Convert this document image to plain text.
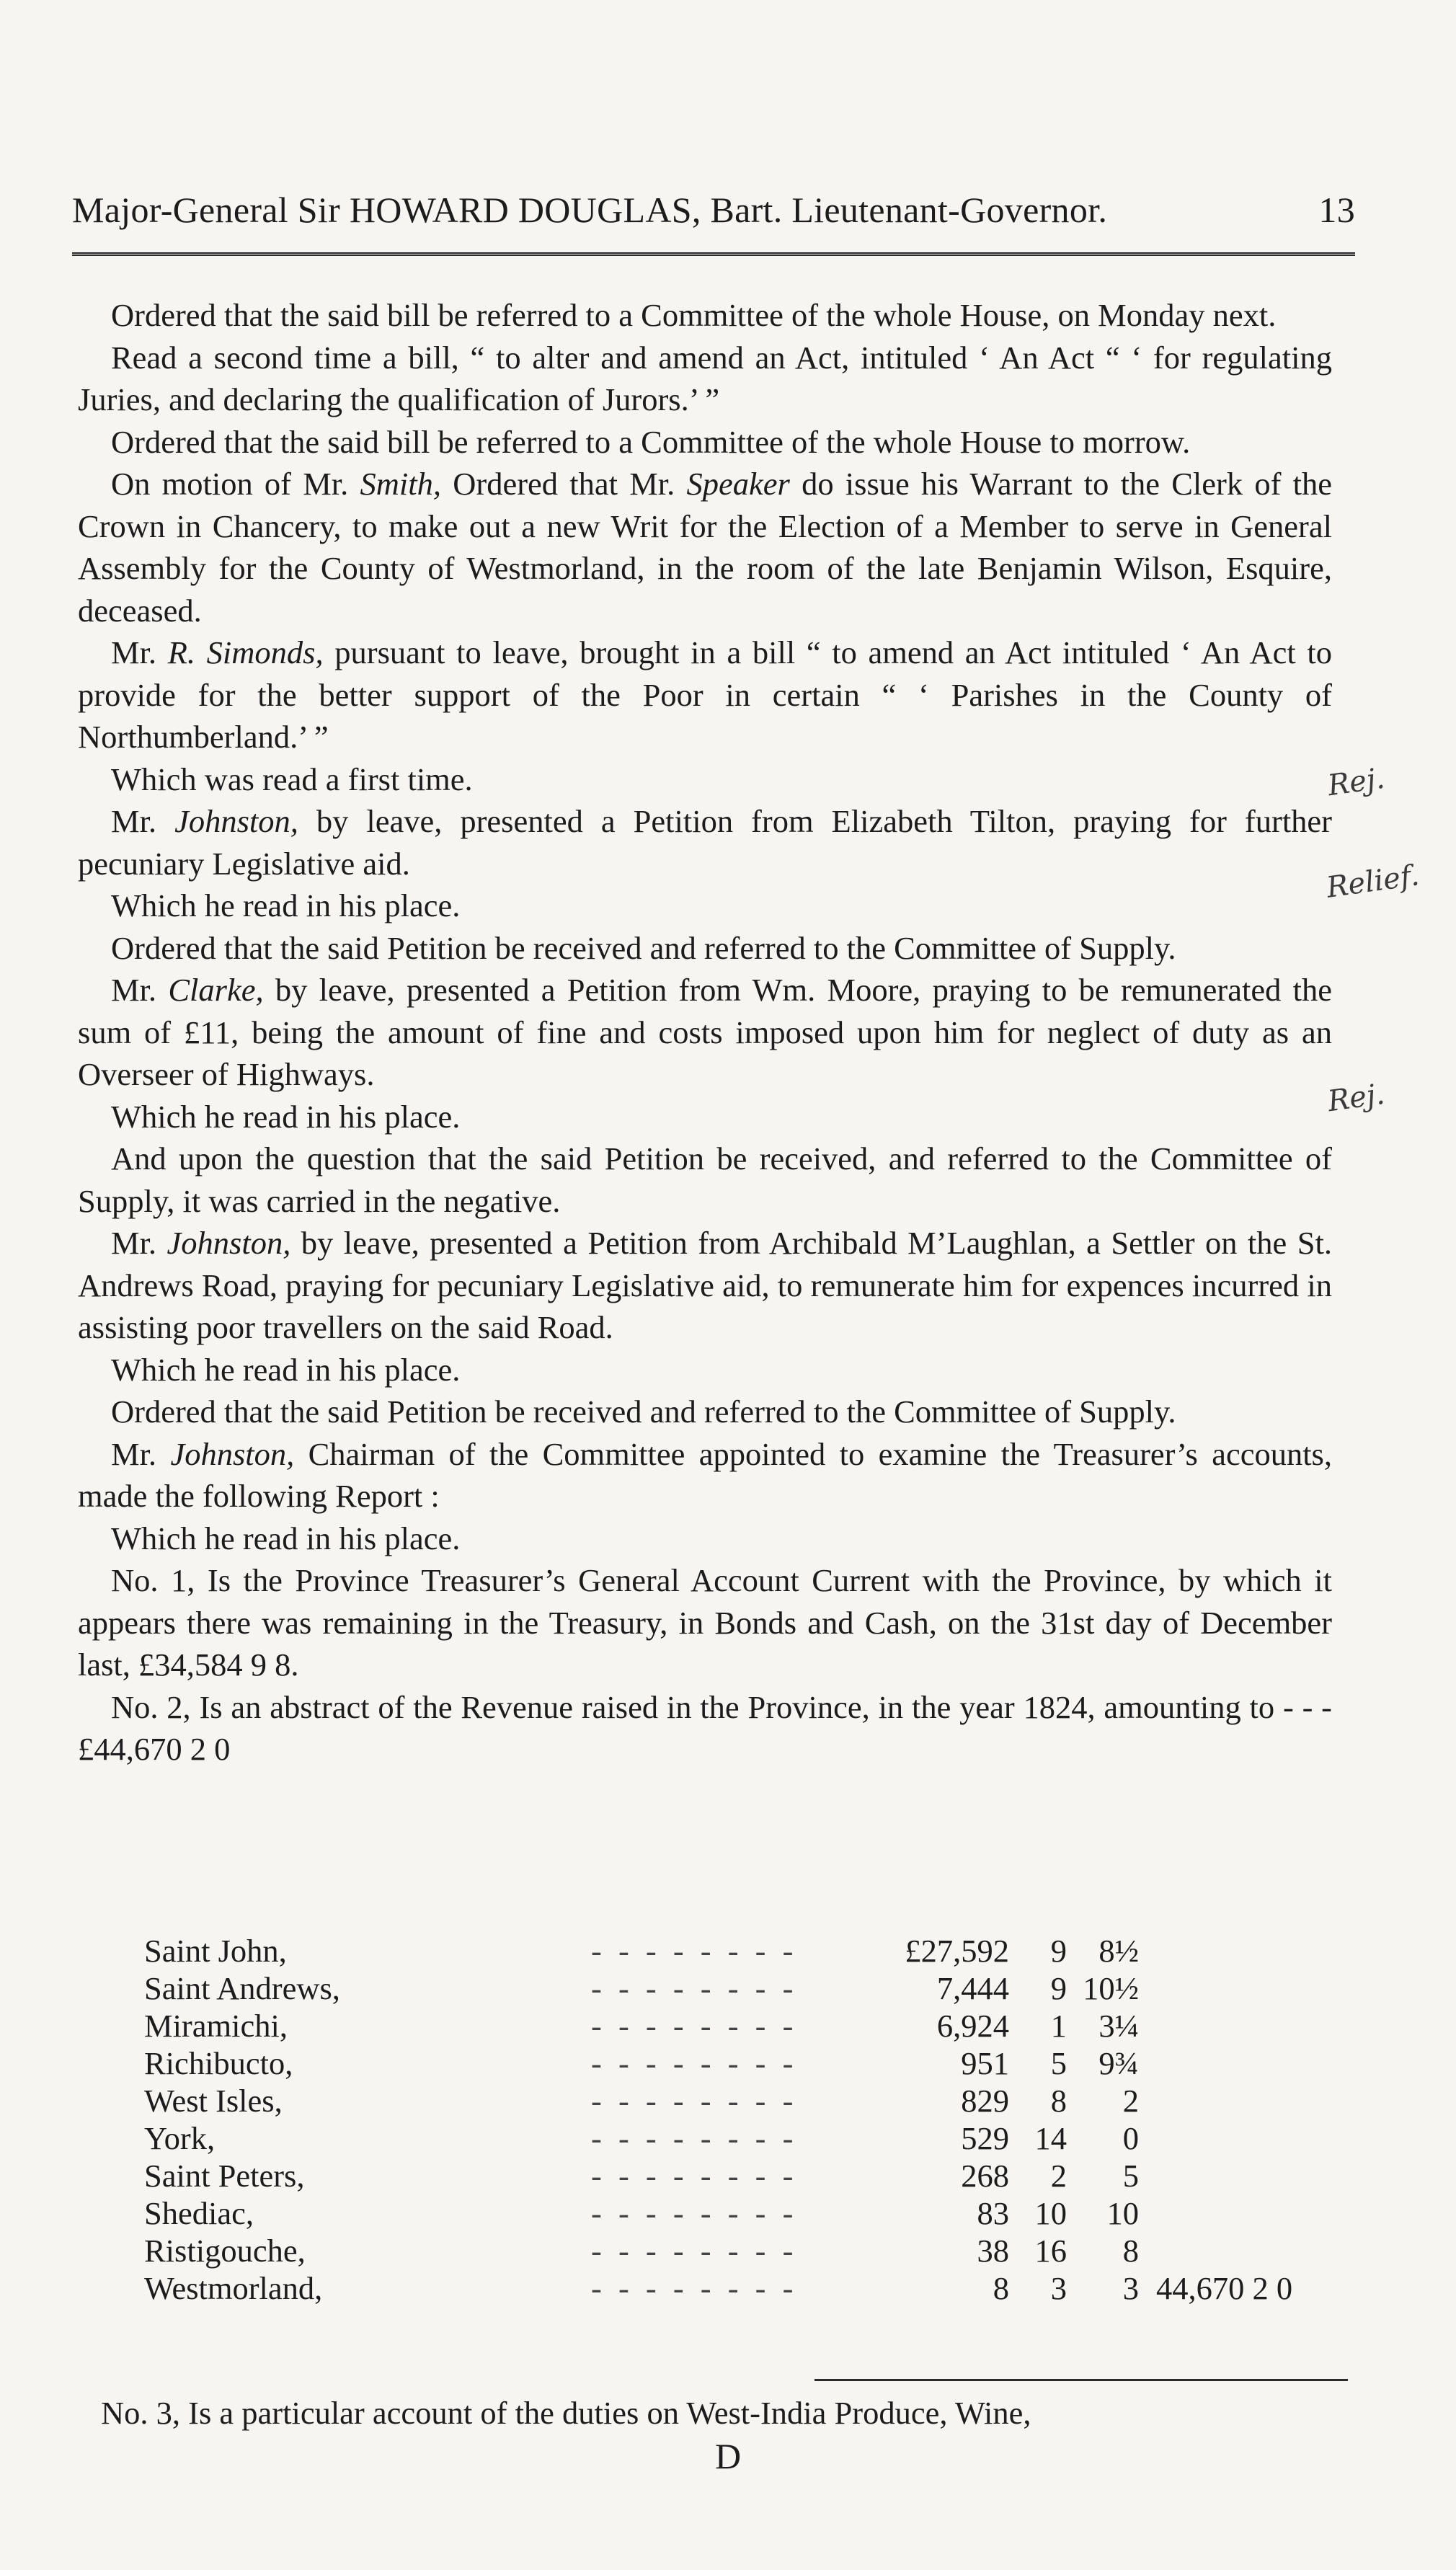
Major-General Sir HOWARD DOUGLAS, Bart. Lieutenant-Governor.	13

Ordered that the said bill be referred to a Committee of the whole House, on Monday next.

Read a second time a bill, “ to alter and amend an Act, intituled ‘ An Act “ ‘ for regulating Juries, and declaring the qualification of Jurors.’ ”

Ordered that the said bill be referred to a Committee of the whole House to morrow.

On motion of Mr. Smith, Ordered that Mr. Speaker do issue his Warrant to the Clerk of the Crown in Chancery, to make out a new Writ for the Election of a Member to serve in General Assembly for the County of Westmorland, in the room of the late Benjamin Wilson, Esquire, deceased.

Mr. R. Simonds, pursuant to leave, brought in a bill “ to amend an Act intituled ‘ An Act to provide for the better support of the Poor in certain “ ‘ Parishes in the County of Northumberland.’ ”

Which was read a first time.

Mr. Johnston, by leave, presented a Petition from Elizabeth Tilton, praying for further pecuniary Legislative aid.

Which he read in his place.

Ordered that the said Petition be received and referred to the Committee of Supply.

Mr. Clarke, by leave, presented a Petition from Wm. Moore, praying to be remunerated the sum of £11, being the amount of fine and costs imposed upon him for neglect of duty as an Overseer of Highways.

Which he read in his place.

And upon the question that the said Petition be received, and referred to the Committee of Supply, it was carried in the negative.

Mr. Johnston, by leave, presented a Petition from Archibald M’Laughlan, a Settler on the St. Andrews Road, praying for pecuniary Legislative aid, to remunerate him for expences incurred in assisting poor travellers on the said Road.

Which he read in his place.

Ordered that the said Petition be received and referred to the Committee of Supply.

Mr. Johnston, Chairman of the Committee appointed to examine the Treasurer’s accounts, made the following Report :

Which he read in his place.

No. 1, Is the Province Treasurer’s General Account Current with the Province, by which it appears there was remaining in the Treasury, in Bonds and Cash, on the 31st day of December last, £34,584 9 8.

No. 2, Is an abstract of the Revenue raised in the Province, in the year 1824, amounting to - - - £44,670 2 0

Rej.
Relief.
Rej.
Saint John,	- - - - - - - -	£27,592	9	8½	
Saint Andrews,	- - - - - - - -	7,444	9	10½	
Miramichi,	- - - - - - - -	6,924	1	3¼	
Richibucto,	- - - - - - - -	951	5	9¾	
West Isles,	- - - - - - - -	829	8	2	
York,	- - - - - - - -	529	14	0	
Saint Peters,	- - - - - - - -	268	2	5	
Shediac,	- - - - - - - -	83	10	10	
Ristigouche,	- - - - - - - -	38	16	8	
Westmorland,	- - - - - - - -	8	3	3	44,670 2 0
No. 3, Is a particular account of the duties on West-India Produce, Wine,
D
